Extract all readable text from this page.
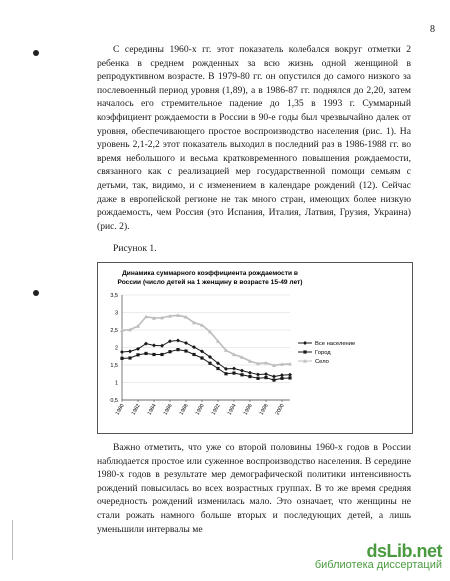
8

С середины 1960-х гг. этот показатель колебался вокруг отметки 2 ребенка в среднем рожденных за всю жизнь одной женщиной в репродуктивном возрасте. В 1979-80 гг. он опустился до самого низкого за послевоенный период уровня (1,89), а в 1986-87 гг. поднялся до 2,20, затем началось его стремительное падение до 1,35 в 1993 г. Суммарный коэффициент рождаемости в России в 90-е годы был чрезвычайно далек от уровня, обеспечивающего простое воспроизводство населения (рис. 1). На уровень 2,1-2,2 этот показатель выходил в последний раз в 1986-1988 гг. во время небольшого и весьма кратковременного повышения рождаемости, связанного как с реализацией мер государственной помощи семьям с детьми, так, видимо, и с изменением в календаре рождений (12). Сейчас даже в европейской регионе не так много стран, имеющих более низкую рождаемость, чем Россия (это Испания, Италия, Латвия, Грузия, Украина) (рис. 2).

Рисунок 1.
Динамика суммарного коэффициента рождаемости в
России (число детей на 1 женщину в возрасте 15-49 лет)
3,5
3
2,5
2
1,5
1
0,5
1980 1982 1984 1986 1988 1990 1992 1994 1996 1998 2000
Все население
Город
Село

Важно отметить, что уже со второй половины 1960-х годов в России наблюдается простое или суженное воспроизводство населения. В середине 1980-х годов в результате мер демографической политики интенсивность рождений повысилась во всех возрастных группах. В то же время средняя очередность рождений изменилась мало. Это означает, что женщины не стали рожать намного больше вторых и последующих детей, а лишь уменьшили интервалы ме

dsLib.net
библиотека диссертаций
